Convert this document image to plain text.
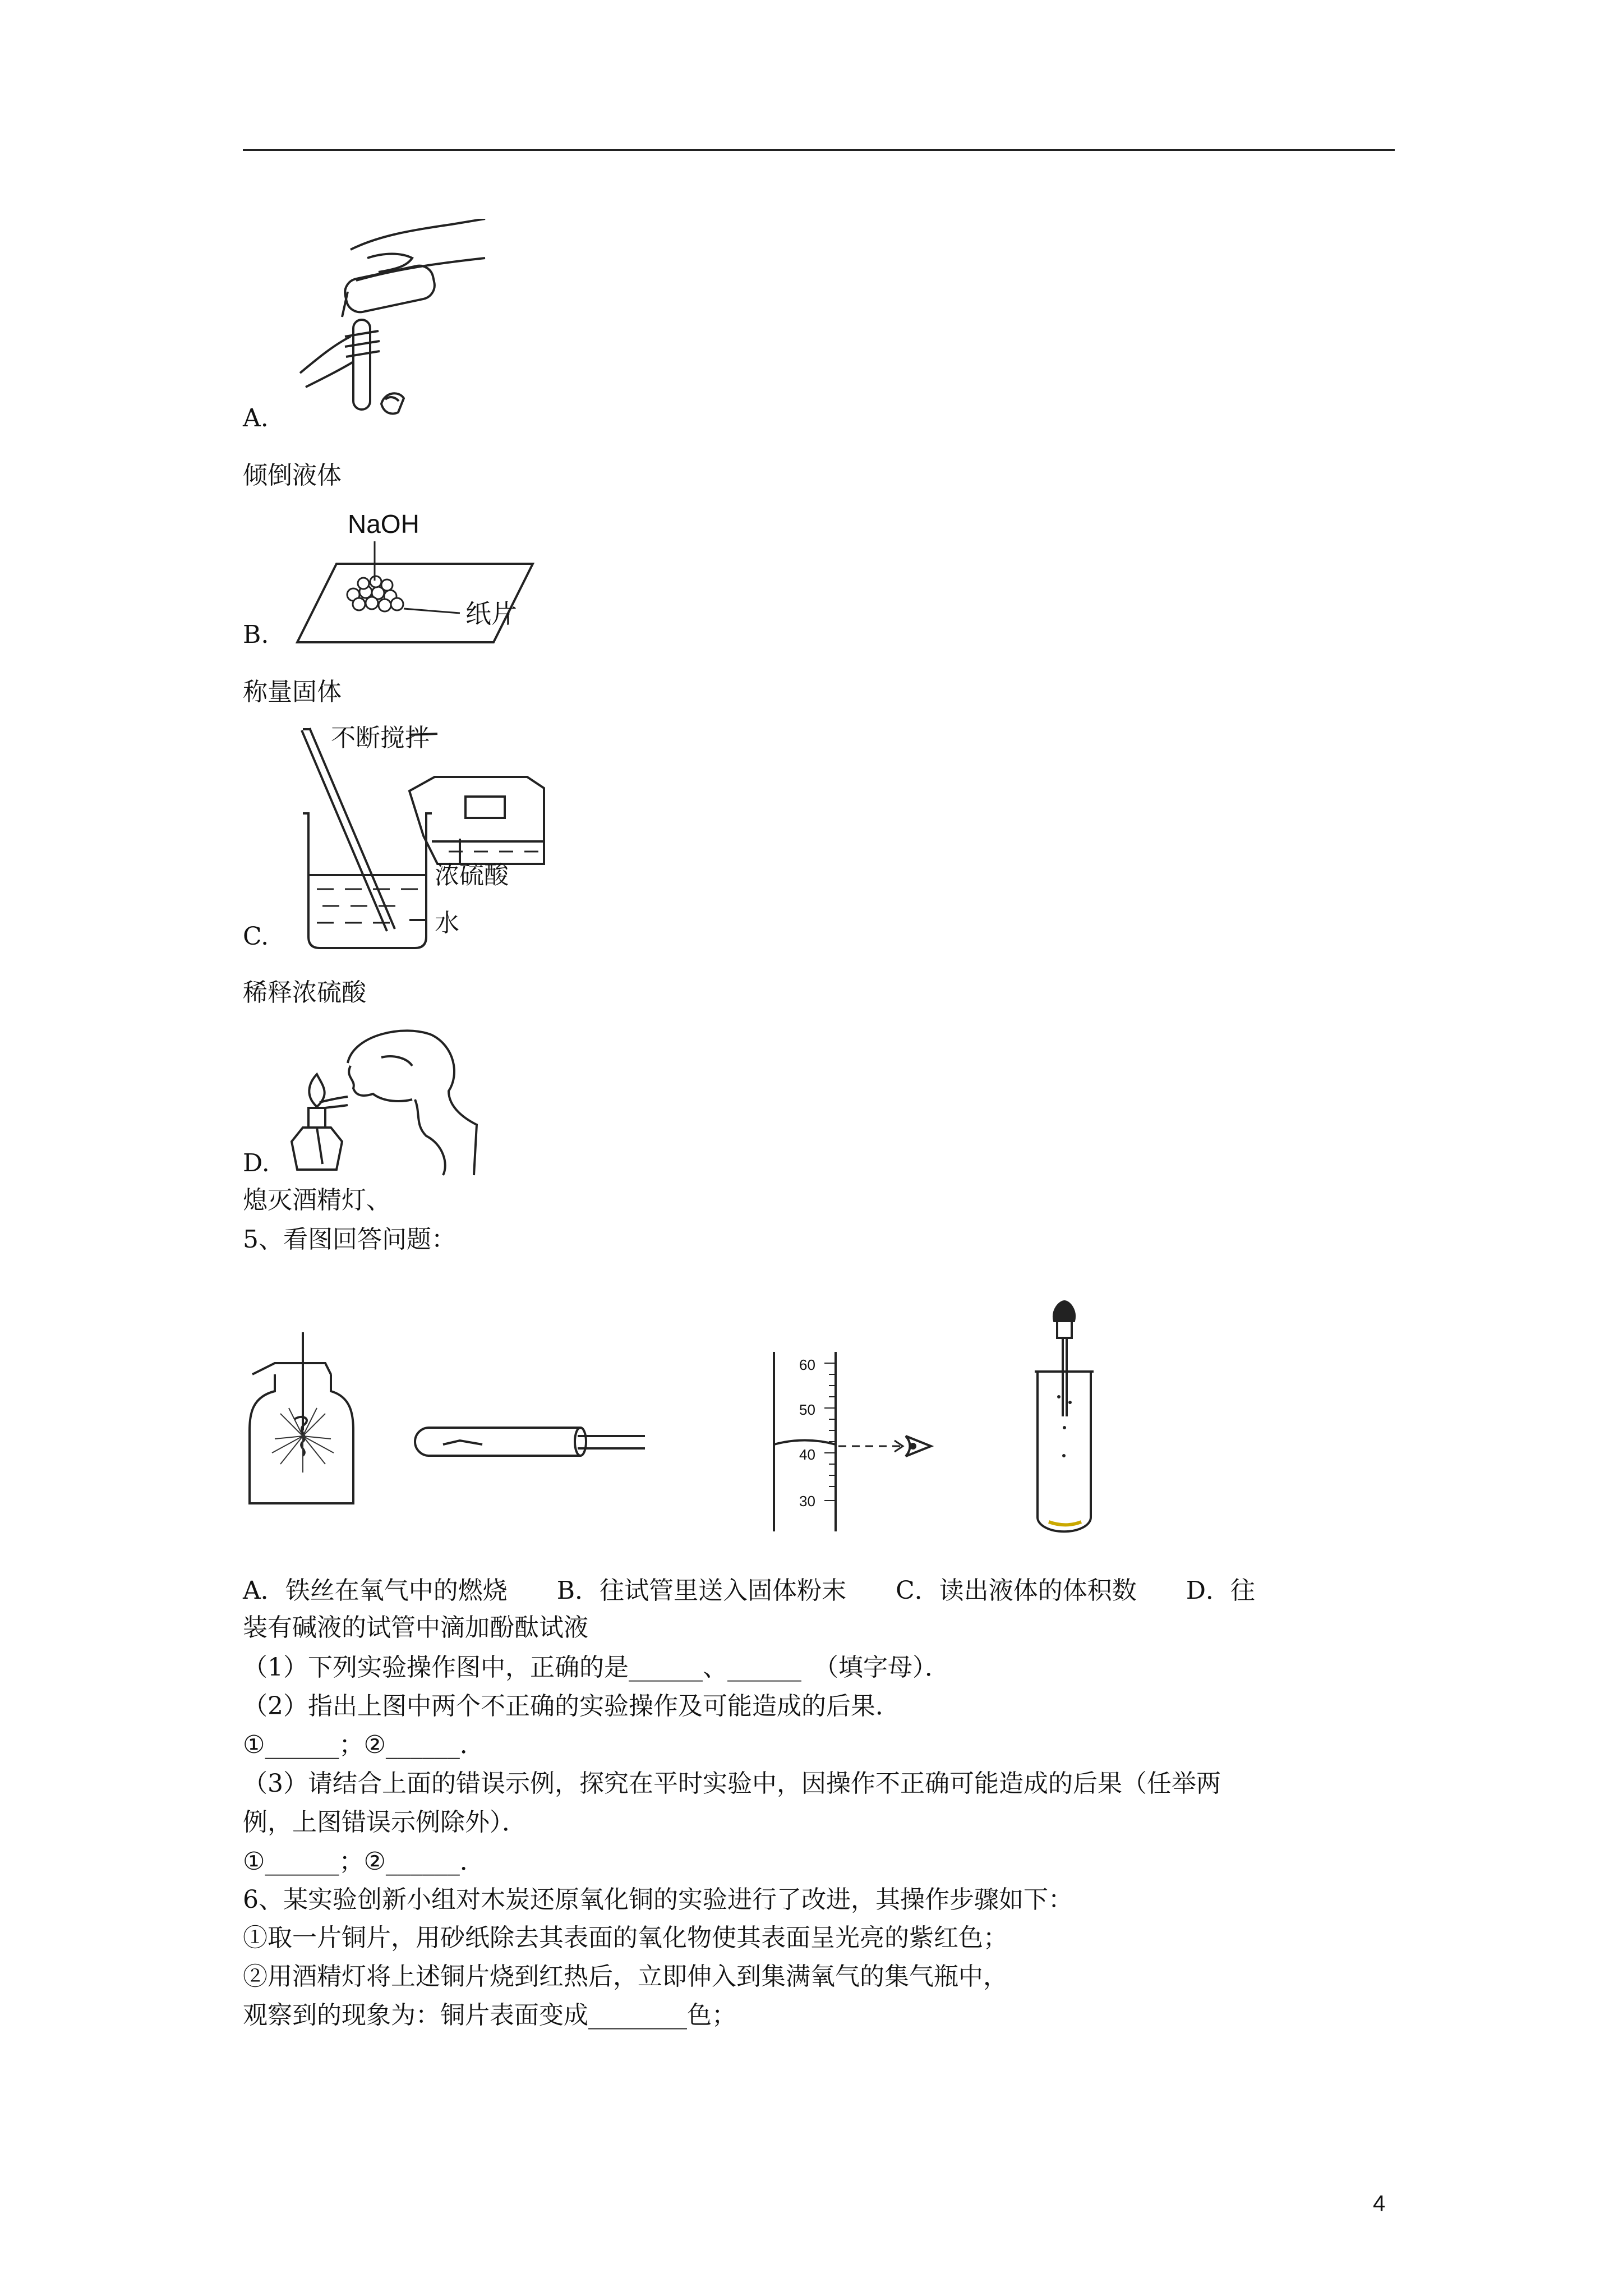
A.
倾倒液体
NaOH
纸片
B.
称量固体
不断搅拌
浓硫酸
水
C.
稀释浓硫酸
D.
熄灭酒精灯、
5、看图回答问题：
60
50
40
30
A．铁丝在氧气中的燃烧　　B．往试管里送入固体粉末　　C．读出液体的体积数　　D．往
装有碱液的试管中滴加酚酞试液
（1）下列实验操作图中，正确的是______、______　（填字母）．
（2）指出上图中两个不正确的实验操作及可能造成的后果．
①______；②______．
（3）请结合上面的错误示例，探究在平时实验中，因操作不正确可能造成的后果（任举两
例，上图错误示例除外）．
①______；②______．
6、某实验创新小组对木炭还原氧化铜的实验进行了改进，其操作步骤如下：
①取一片铜片，用砂纸除去其表面的氧化物使其表面呈光亮的紫红色；
②用酒精灯将上述铜片烧到红热后，立即伸入到集满氧气的集气瓶中，
观察到的现象为：铜片表面变成________色；
4
